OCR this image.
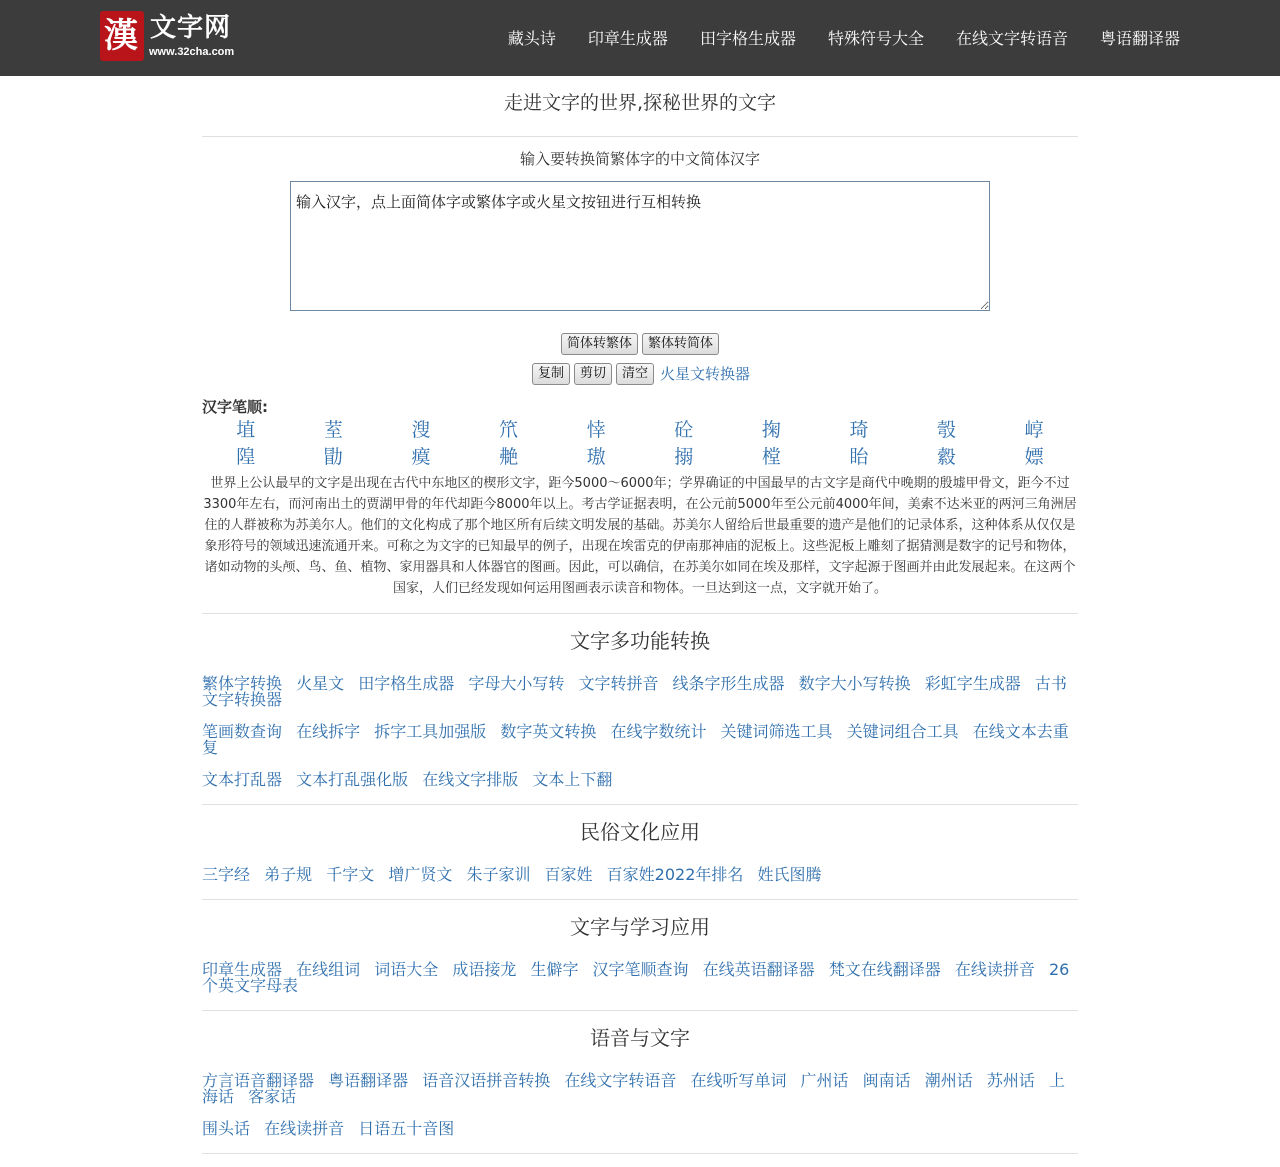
漢 文字网
www.32cha.com
藏头诗 印章生成器 田字格生成器 特殊符号大全 在线文字转语音 粤语翻译器
走进文字的世界,探秘世界的文字
输入要转换简繁体字的中文简体汉字
输入汉字，点上面简体字或繁体字或火星文按钮进行互相转换
简体转繁体 繁体转简体
复制 剪切 清空 火星文转换器
汉字笔顺:
埴	荎	溲	笊	悻	砼	掬	琦	彀	崞
隍	勖	瘼	艴	璈	搦	樘	眙	縠	嫖
世界上公认最早的文字是出现在古代中东地区的楔形文字，距今5000～6000年；学界确证的中国最早的古文字是商代中晚期的殷墟甲骨文，距今不过3300年左右，而河南出土的贾湖甲骨的年代却距今8000年以上。考古学证据表明，在公元前5000年至公元前4000年间，美索不达米亚的两河三角洲居住的人群被称为苏美尔人。他们的文化构成了那个地区所有后续文明发展的基础。苏美尔人留给后世最重要的遗产是他们的记录体系，这种体系从仅仅是象形符号的领域迅速流通开来。可称之为文字的已知最早的例子，出现在埃雷克的伊南那神庙的泥板上。这些泥板上雕刻了据猜测是数字的记号和物体，诸如动物的头颅、鸟、鱼、植物、家用器具和人体器官的图画。因此，可以确信，在苏美尔如同在埃及那样，文字起源于图画并由此发展起来。在这两个国家，人们已经发现如何运用图画表示读音和物体。一旦达到这一点，文字就开始了。
文字多功能转换
繁体字转换 火星文 田字格生成器 字母大小写转 文字转拼音 线条字形生成器 数字大小写转换 彩虹字生成器 古书文字转换器
笔画数查询 在线拆字 拆字工具加强版 数字英文转换 在线字数统计 关键词筛选工具 关键词组合工具 在线文本去重复
文本打乱器 文本打乱强化版 在线文字排版 文本上下翻
民俗文化应用
三字经 弟子规 千字文 增广贤文 朱子家训 百家姓 百家姓2022年排名 姓氏图腾
文字与学习应用
印章生成器 在线组词 词语大全 成语接龙 生僻字 汉字笔顺查询 在线英语翻译器 梵文在线翻译器 在线读拼音 26个英文字母表
语音与文字
方言语音翻译器 粤语翻译器 语音汉语拼音转换 在线文字转语音 在线听写单词 广州话 闽南话 潮州话 苏州话 上海话 客家话
围头话 在线读拼音 日语五十音图
